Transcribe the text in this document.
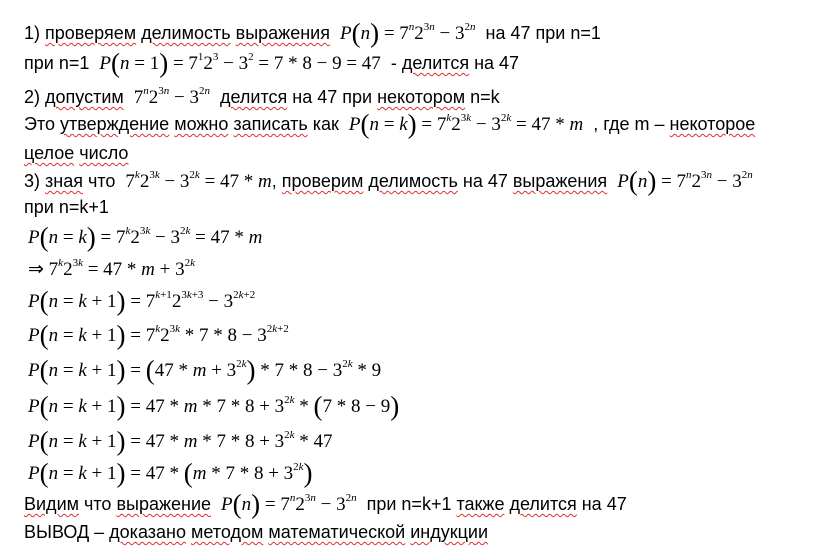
1) проверяем делимость выражения $P(n) = 7^n2^{3n} - 3^{2n}$ на 47 при n=1
при n=1 $P(n = 1) = 7^12^3 - 3^2 = 7 * 8 - 9 = 47$ - делится на 47
2) допустим $7^n2^{3n} - 3^{2n}$ делится на 47 при некотором n=k
Это утверждение можно записать как $P(n = k) = 7^k2^{3k} - 3^{2k} = 47 * m$ , где m – некоторое
целое число
3) зная что $7^k2^{3k} - 3^{2k} = 47 * m$, проверим делимость на 47 выражения $P(n) = 7^n2^{3n} - 3^{2n}$
при n=k+1
$P(n = k) = 7^k2^{3k} - 3^{2k} = 47 * m$
⇒ $7^k2^{3k} = 47 * m + 3^{2k}$
$P(n = k + 1) = 7^{k+1}2^{3k+3} - 3^{2k+2}$
$P(n = k + 1) = 7^k2^{3k} * 7 * 8 - 3^{2k+2}$
$P(n = k + 1) = (47 * m + 3^{2k}) * 7 * 8 - 3^{2k} * 9$
$P(n = k + 1) = 47 * m * 7 * 8 + 3^{2k} * (7 * 8 - 9)$
$P(n = k + 1) = 47 * m * 7 * 8 + 3^{2k} * 47$
$P(n = k + 1) = 47 * (m * 7 * 8 + 3^{2k})$
Видим что выражение $P(n) = 7^n2^{3n} - 3^{2n}$ при n=k+1 также делится на 47
ВЫВОД – доказано методом математической индукции
